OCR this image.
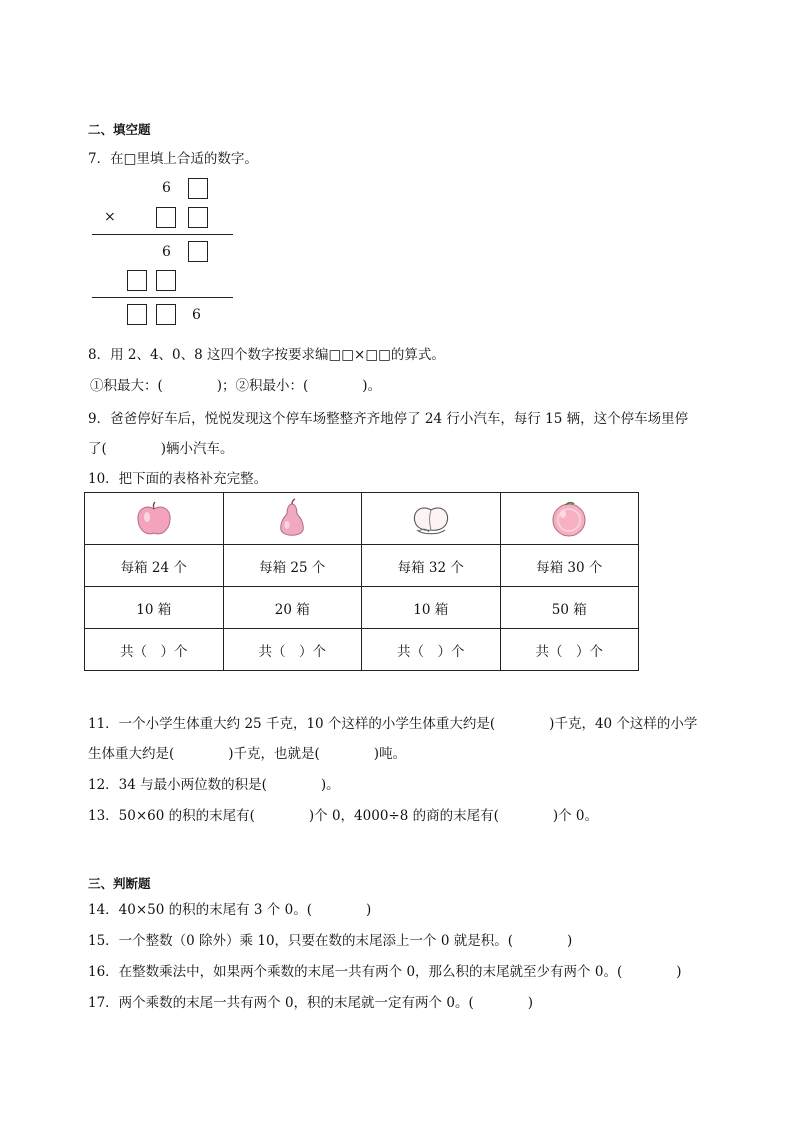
二、填空题
7．在□里填上合适的数字。
6
×
6
6
8．用 2、4、0、8 这四个数字按要求编□□×□□的算式。
①积最大：(　　　　)；②积最小：(　　　　)。
9．爸爸停好车后，悦悦发现这个停车场整整齐齐地停了 24 行小汽车，每行 15 辆，这个停车场里停
了(　　　　)辆小汽车。
10．把下面的表格补充完整。

每箱 24 个	每箱 25 个	每箱 32 个	每箱 30 个
10 箱	20 箱	10 箱	50 箱
共（　）个	共（　）个	共（　）个	共（　）个
11．一个小学生体重大约 25 千克，10 个这样的小学生体重大约是(　　　　)千克，40 个这样的小学
生体重大约是(　　　　)千克，也就是(　　　　)吨。
12．34 与最小两位数的积是(　　　　)。
13．50×60 的积的末尾有(　　　　)个 0，4000÷8 的商的末尾有(　　　　)个 0。
三、判断题
14．40×50 的积的末尾有 3 个 0。(　　　　)
15．一个整数（0 除外）乘 10，只要在数的末尾添上一个 0 就是积。(　　　　)
16．在整数乘法中，如果两个乘数的末尾一共有两个 0，那么积的末尾就至少有两个 0。(　　　　)
17．两个乘数的末尾一共有两个 0，积的末尾就一定有两个 0。(　　　　)
